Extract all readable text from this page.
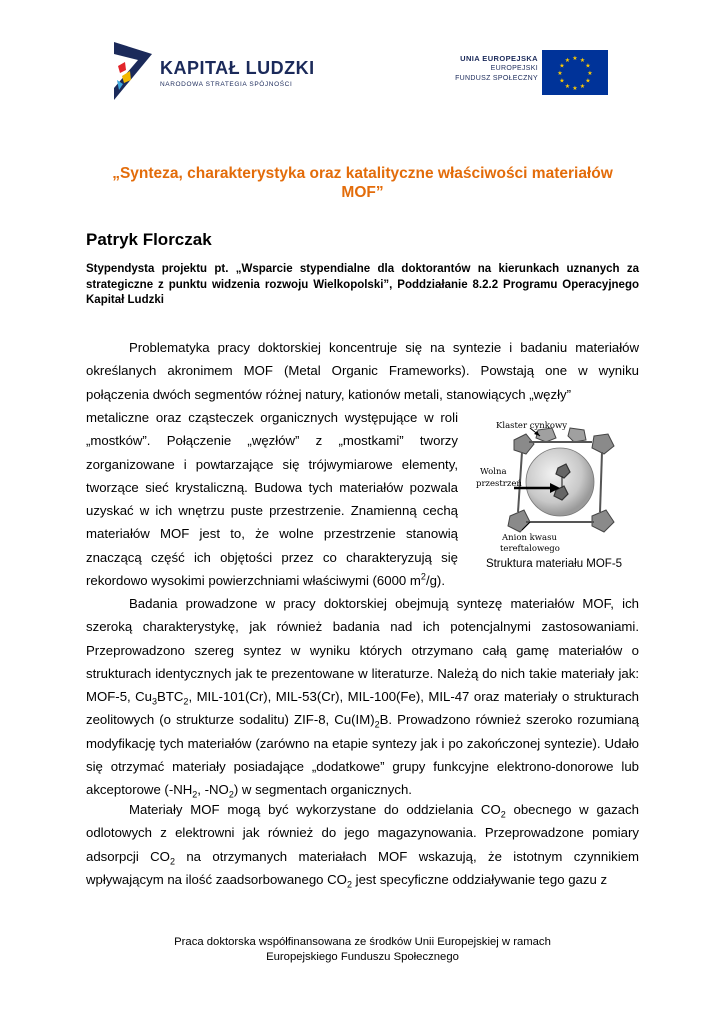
KAPITAŁ LUDZKI
NARODOWA STRATEGIA SPÓJNOŚCI
UNIA EUROPEJSKA
EUROPEJSKI
FUNDUSZ SPOŁECZNY
★ ★
★
★
★
★
★
★
★
★
★
★
„Synteza, charakterystyka oraz katalityczne właściwości materiałów
MOF”
Patryk Florczak
Stypendysta projektu pt. „Wsparcie stypendialne dla doktorantów na kierunkach uznanych za strategiczne z punktu widzenia rozwoju Wielkopolski”, Poddziałanie 8.2.2 Programu Operacyjnego Kapitał Ludzki

Problematyka pracy doktorskiej koncentruje się na syntezie i badaniu materiałów określanych akronimem MOF (Metal Organic Frameworks). Powstają one w wyniku połączenia dwóch segmentów różnej natury, kationów metali, stanowiących „węzły”

metaliczne oraz cząsteczek organicznych występujące w roli „mostków”. Połączenie „węzłów” z „mostkami” tworzy zorganizowane i powtarzające się trójwymiarowe elementy, tworzące sieć krystaliczną. Budowa tych materiałów pozwala uzyskać w ich wnętrzu puste przestrzenie. Znamienną cechą materiałów MOF jest to, że wolne przestrzenie stanowią znaczącą część ich objętości przez co charakteryzują się rekordowo wysokimi powierzchniami właściwymi (6000 $m^2/g$).

Klaster cynkowy
Wolna
przestrzeń
Anion kwasu
tereftalowego
Struktura materiału MOF-5

Badania prowadzone w pracy doktorskiej obejmują syntezę materiałów MOF, ich szeroką charakterystykę, jak również badania nad ich potencjalnymi zastosowaniami. Przeprowadzono szereg syntez w wyniku których otrzymano całą gamę materiałów o strukturach identycznych jak te prezentowane w literaturze. Należą do nich takie materiały jak: MOF-5, $Cu_3BTC_2$, MIL-101(Cr), MIL-53(Cr), MIL-100(Fe), MIL-47 oraz materiały o strukturach zeolitowych (o strukturze sodalitu) ZIF-8, $Cu(IM)_2B$. Prowadzono również szeroko rozumianą modyfikację tych materiałów (zarówno na etapie syntezy jak i po zakończonej syntezie). Udało się otrzymać materiały posiadające „dodatkowe” grupy funkcyjne elektrono-donorowe lub akceptorowe ($-NH_2$, $-NO_2$) w segmentach organicznych.

Materiały MOF mogą być wykorzystane do oddzielania $CO_2$ obecnego w gazach odlotowych z elektrowni jak również do jego magazynowania. Przeprowadzone pomiary adsorpcji $CO_2$ na otrzymanych materiałach MOF wskazują, że istotnym czynnikiem wpływającym na ilość zaadsorbowanego $CO_2$ jest specyficzne oddziaływanie tego gazu z

Praca doktorska współfinansowana ze środków Unii Europejskiej w ramach
Europejskiego Funduszu Społecznego
